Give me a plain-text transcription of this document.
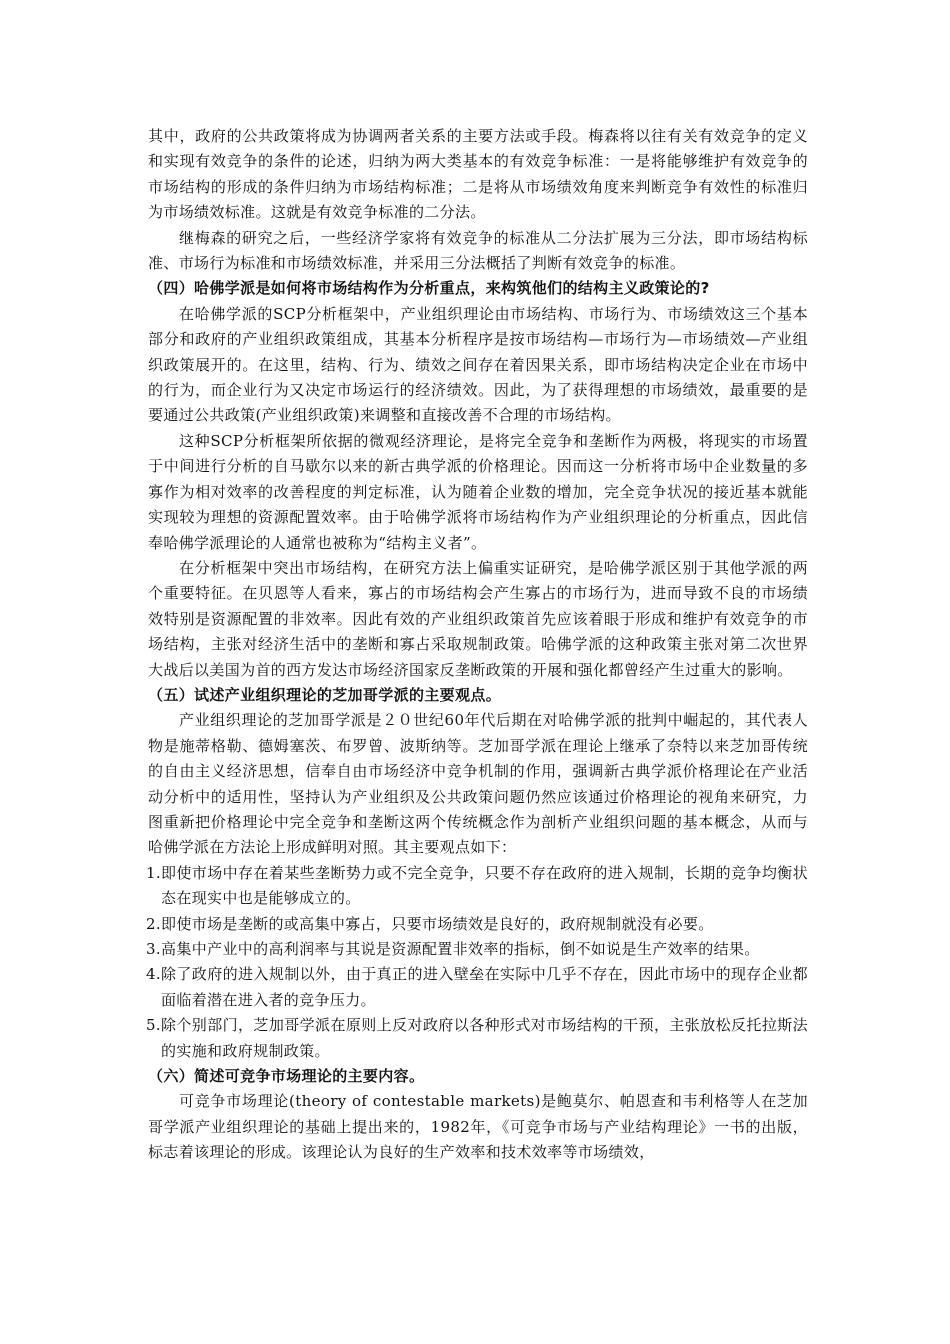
其中，政府的公共政策将成为协调两者关系的主要方法或手段。梅森将以往有关有效竞争的定义和实现有效竞争的条件的论述，归纳为两大类基本的有效竞争标准：一是将能够维护有效竞争的市场结构的形成的条件归纳为市场结构标准；二是将从市场绩效角度来判断竞争有效性的标准归为市场绩效标准。这就是有效竞争标准的二分法。

继梅森的研究之后，一些经济学家将有效竞争的标准从二分法扩展为三分法，即市场结构标准、市场行为标准和市场绩效标准，并采用三分法概括了判断有效竞争的标准。

（四）哈佛学派是如何将市场结构作为分析重点，来构筑他们的结构主义政策论的?

在哈佛学派的SCP分析框架中，产业组织理论由市场结构、市场行为、市场绩效这三个基本部分和政府的产业组织政策组成，其基本分析程序是按市场结构—市场行为—市场绩效—产业组织政策展开的。在这里，结构、行为、绩效之间存在着因果关系，即市场结构决定企业在市场中的行为，而企业行为又决定市场运行的经济绩效。因此，为了获得理想的市场绩效，最重要的是要通过公共政策(产业组织政策)来调整和直接改善不合理的市场结构。

这种SCP分析框架所依据的微观经济理论，是将完全竞争和垄断作为两极，将现实的市场置于中间进行分析的自马歇尔以来的新古典学派的价格理论。因而这一分析将市场中企业数量的多寡作为相对效率的改善程度的判定标准，认为随着企业数的增加，完全竞争状况的接近基本就能实现较为理想的资源配置效率。由于哈佛学派将市场结构作为产业组织理论的分析重点，因此信奉哈佛学派理论的人通常也被称为“结构主义者”。

在分析框架中突出市场结构，在研究方法上偏重实证研究，是哈佛学派区别于其他学派的两个重要特征。在贝恩等人看来，寡占的市场结构会产生寡占的市场行为，进而导致不良的市场绩效特别是资源配置的非效率。因此有效的产业组织政策首先应该着眼于形成和维护有效竞争的市场结构，主张对经济生活中的垄断和寡占采取规制政策。哈佛学派的这种政策主张对第二次世界大战后以美国为首的西方发达市场经济国家反垄断政策的开展和强化都曾经产生过重大的影响。

（五）试述产业组织理论的芝加哥学派的主要观点。

产业组织理论的芝加哥学派是２０世纪60年代后期在对哈佛学派的批判中崛起的，其代表人物是施蒂格勒、德姆塞茨、布罗曾、波斯纳等。芝加哥学派在理论上继承了奈特以来芝加哥传统的自由主义经济思想，信奉自由市场经济中竞争机制的作用，强调新古典学派价格理论在产业活动分析中的适用性，坚持认为产业组织及公共政策问题仍然应该通过价格理论的视角来研究，力图重新把价格理论中完全竞争和垄断这两个传统概念作为剖析产业组织问题的基本概念，从而与哈佛学派在方法论上形成鲜明对照。其主要观点如下：

1. 即使市场中存在着某些垄断势力或不完全竞争，只要不存在政府的进入规制，长期的竞争均衡状态在现实中也是能够成立的。
2. 即使市场是垄断的或高集中寡占，只要市场绩效是良好的，政府规制就没有必要。
3. 高集中产业中的高利润率与其说是资源配置非效率的指标，倒不如说是生产效率的结果。
4. 除了政府的进入规制以外，由于真正的进入壁垒在实际中几乎不存在，因此市场中的现存企业都面临着潜在进入者的竞争压力。
5. 除个别部门，芝加哥学派在原则上反对政府以各种形式对市场结构的干预，主张放松反托拉斯法的实施和政府规制政策。
（六）简述可竞争市场理论的主要内容。

可竞争市场理论(theory of contestable markets)是鲍莫尔、帕恩查和韦利格等人在芝加哥学派产业组织理论的基础上提出来的，1982年，《可竞争市场与产业结构理论》一书的出版，标志着该理论的形成。该理论认为良好的生产效率和技术效率等市场绩效，
